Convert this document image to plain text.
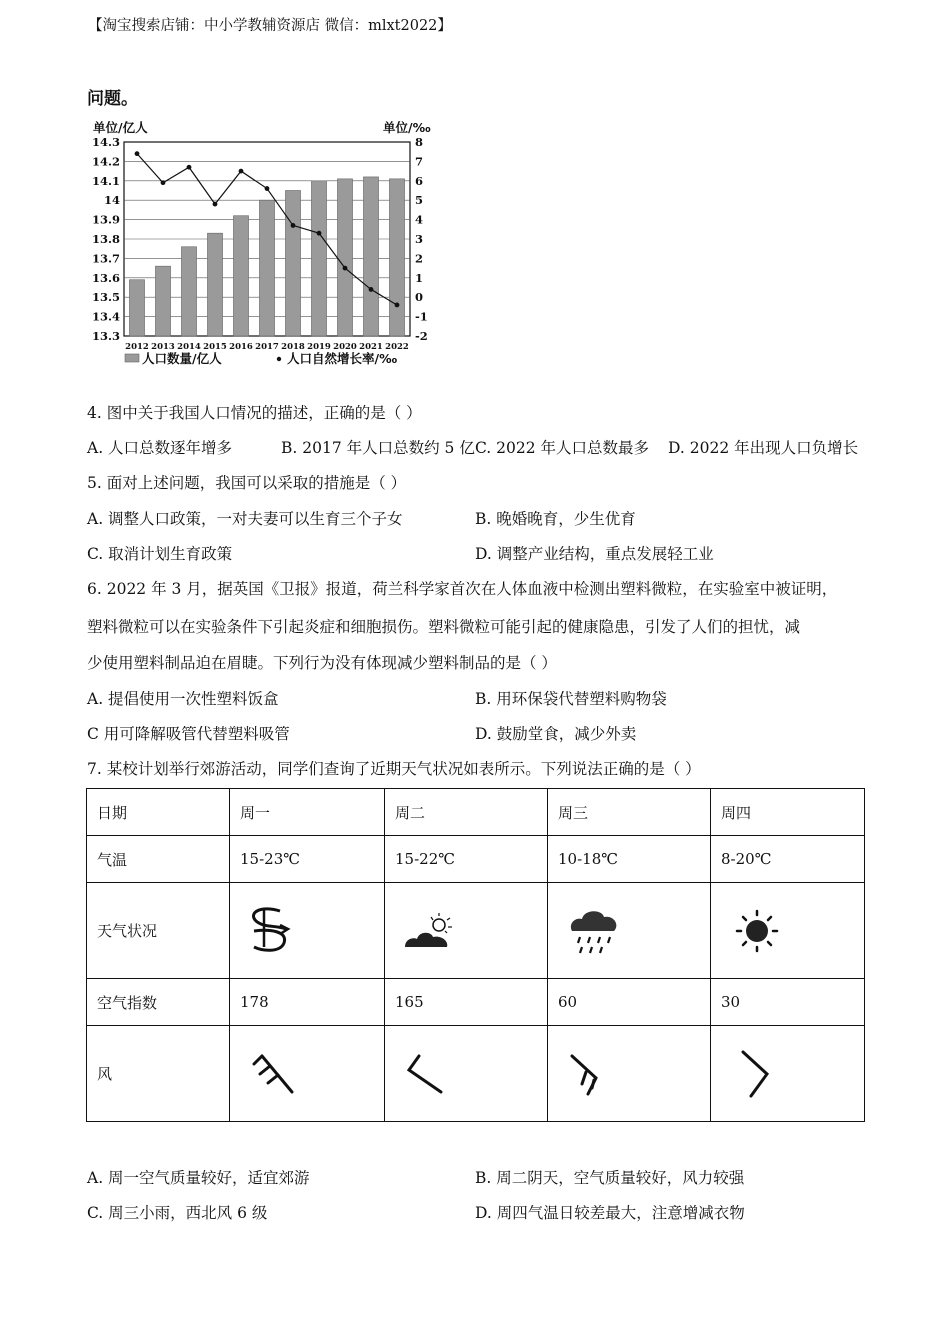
【淘宝搜索店铺：中小学教辅资源店 微信：mlxt2022】
问题。
14.3
14.2
14.1
14
13.9
13.8
13.7
13.6
13.5
13.4
13.3
8
7
6
5
4
3
2
1
0
-1
-2
单位/亿人	单位/‰
2012 2013 2014 2015 2016 2017 2018 2019 2020 2021 2022
人口数量/亿人	人口自然增长率/‰
4. 图中关于我国人口情况的描述，正确的是（ ）
A. 人口总数逐年增多	B. 2017 年人口总数约 5 亿 C. 2022 年人口总数最多 D. 2022 年出现人口负增长
5. 面对上述问题，我国可以采取的措施是（ ）
A. 调整人口政策，一对夫妻可以生育三个子女	B. 晚婚晚育，少生优育
C. 取消计划生育政策	D. 调整产业结构，重点发展轻工业
6. 2022 年 3 月，据英国《卫报》报道，荷兰科学家首次在人体血液中检测出塑料微粒，在实验室中被证明，
塑料微粒可以在实验条件下引起炎症和细胞损伤。塑料微粒可能引起的健康隐患，引发了人们的担忧，减
少使用塑料制品迫在眉睫。下列行为没有体现减少塑料制品的是（ ）
A. 提倡使用一次性塑料饭盒	B. 用环保袋代替塑料购物袋
C 用可降解吸管代替塑料吸管	D. 鼓励堂食，减少外卖
7. 某校计划举行郊游活动，同学们查询了近期天气状况如表所示。下列说法正确的是（ ）
日期	周一	周二	周三	周四
气温	15-23℃	15-22℃	10-18℃	8-20℃
天气状况	

空气指数	178	165	60	30
风	

A. 周一空气质量较好，适宜郊游	B. 周二阴天，空气质量较好，风力较强
C. 周三小雨，西北风 6 级	D. 周四气温日较差最大，注意增减衣物
